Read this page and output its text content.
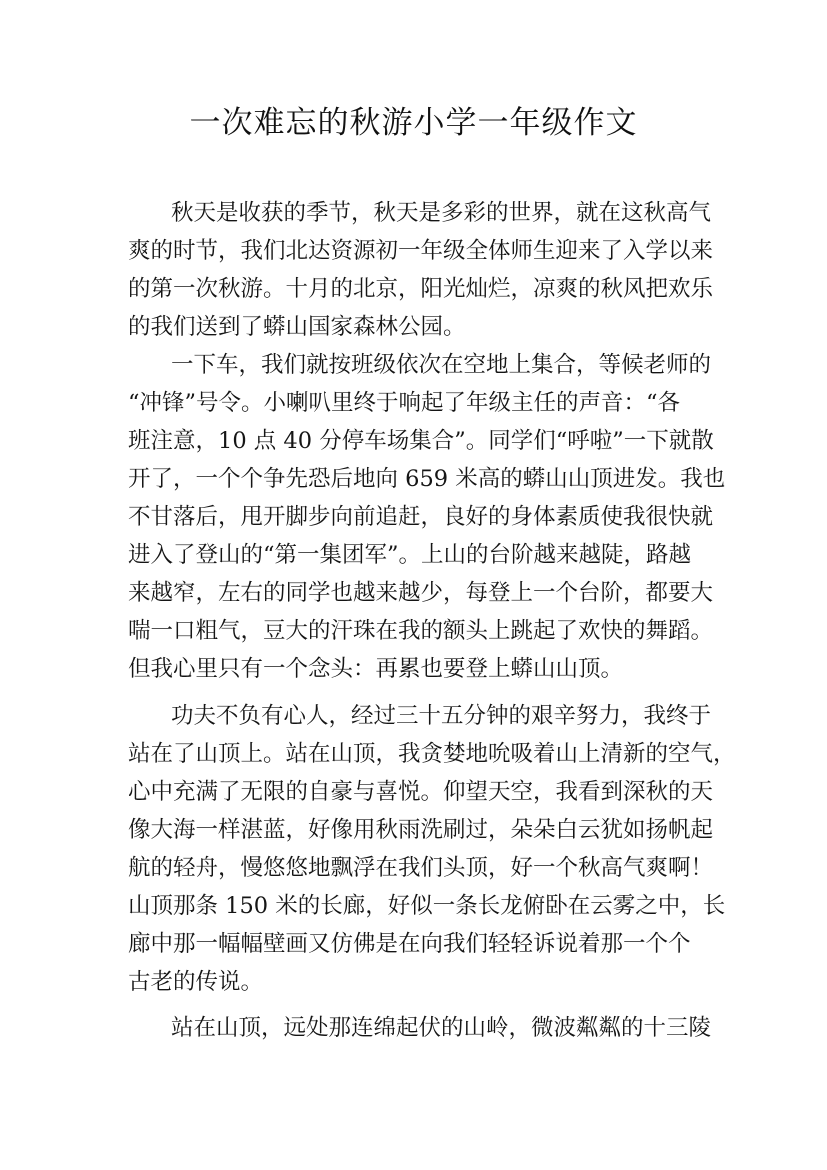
一次难忘的秋游小学一年级作文
秋天是收获的季节，秋天是多彩的世界，就在这秋高气
爽的时节，我们北达资源初一年级全体师生迎来了入学以来
的第一次秋游。十月的北京，阳光灿烂，凉爽的秋风把欢乐
的我们送到了蟒山国家森林公园。
一下车，我们就按班级依次在空地上集合，等候老师的
“冲锋”号令。小喇叭里终于响起了年级主任的声音：“各
班注意，10 点 40 分停车场集合”。同学们“呼啦”一下就散
开了，一个个争先恐后地向 659 米高的蟒山山顶进发。我也
不甘落后，甩开脚步向前追赶，良好的身体素质使我很快就
进入了登山的“第一集团军”。上山的台阶越来越陡，路越
来越窄，左右的同学也越来越少，每登上一个台阶，都要大
喘一口粗气，豆大的汗珠在我的额头上跳起了欢快的舞蹈。
但我心里只有一个念头：再累也要登上蟒山山顶。
功夫不负有心人，经过三十五分钟的艰辛努力，我终于
站在了山顶上。站在山顶，我贪婪地吮吸着山上清新的空气，
心中充满了无限的自豪与喜悦。仰望天空，我看到深秋的天
像大海一样湛蓝，好像用秋雨洗刷过，朵朵白云犹如扬帆起
航的轻舟，慢悠悠地飘浮在我们头顶，好一个秋高气爽啊！
山顶那条 150 米的长廊，好似一条长龙俯卧在云雾之中，长
廊中那一幅幅壁画又仿佛是在向我们轻轻诉说着那一个个
古老的传说。
站在山顶，远处那连绵起伏的山岭，微波粼粼的十三陵
